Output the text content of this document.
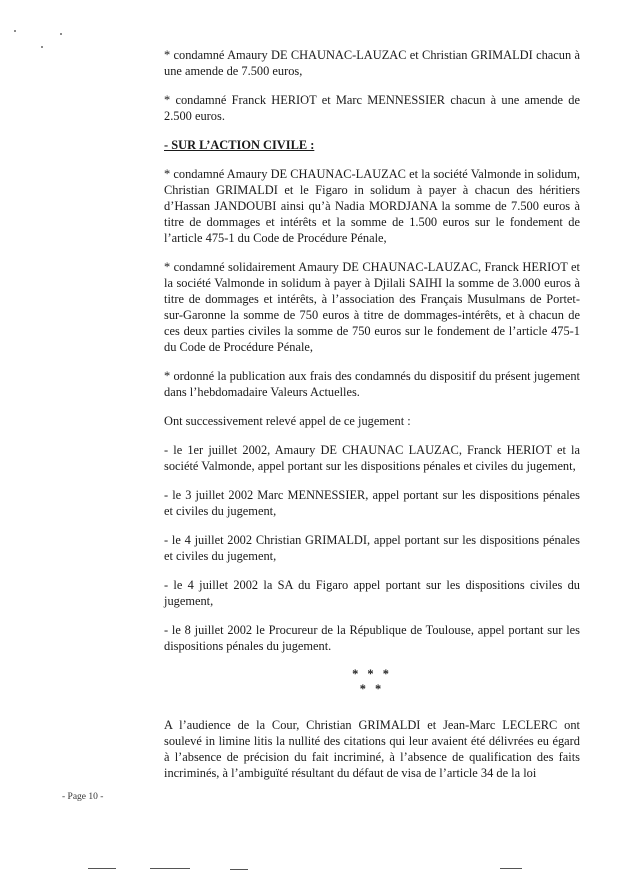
* condamné Amaury DE CHAUNAC-LAUZAC et Christian GRIMALDI chacun à une amende de 7.500 euros,

* condamné Franck HERIOT et Marc MENNESSIER chacun à une amende de 2.500 euros.

- SUR L’ACTION CIVILE :

* condamné Amaury DE CHAUNAC-LAUZAC et la société Valmonde in solidum, Christian GRIMALDI et le Figaro in solidum à payer à chacun des héritiers d’Hassan JANDOUBI ainsi qu’à Nadia MORDJANA la somme de 7.500 euros à titre de dommages et intérêts et la somme de 1.500 euros sur le fondement de l’article 475-1 du Code de Procédure Pénale,

* condamné solidairement Amaury DE CHAUNAC-LAUZAC, Franck HERIOT et la société Valmonde in solidum à payer à Djilali SAIHI la somme de 3.000 euros à titre de dommages et intérêts, à l’association des Français Musulmans de Portet-sur-Garonne la somme de 750 euros à titre de dommages-intérêts, et à chacun de ces deux parties civiles la somme de 750 euros sur le fondement de l’article 475-1 du Code de Procédure Pénale,

* ordonné la publication aux frais des condamnés du dispositif du présent jugement dans l’hebdomadaire Valeurs Actuelles.

Ont successivement relevé appel de ce jugement :

- le 1er juillet 2002, Amaury DE CHAUNAC LAUZAC, Franck HERIOT et la société Valmonde, appel portant sur les dispositions pénales et civiles du jugement,

- le 3 juillet 2002 Marc MENNESSIER, appel portant sur les dispositions pénales et civiles du jugement,

- le 4 juillet 2002 Christian GRIMALDI, appel portant sur les dispositions pénales et civiles du jugement,

- le 4 juillet 2002 la SA du Figaro appel portant sur les dispositions civiles du jugement,

- le 8 juillet 2002 le Procureur de la République de Toulouse, appel portant sur les dispositions pénales du jugement.

* * *

* *

A l’audience de la Cour, Christian GRIMALDI et Jean-Marc LECLERC ont soulevé in limine litis la nullité des citations qui leur avaient été délivrées eu égard à l’absence de précision du fait incriminé, à l’absence de qualification des faits incriminés, à l’ambiguïté résultant du défaut de visa de l’article 34 de la loi

- Page 10 -
